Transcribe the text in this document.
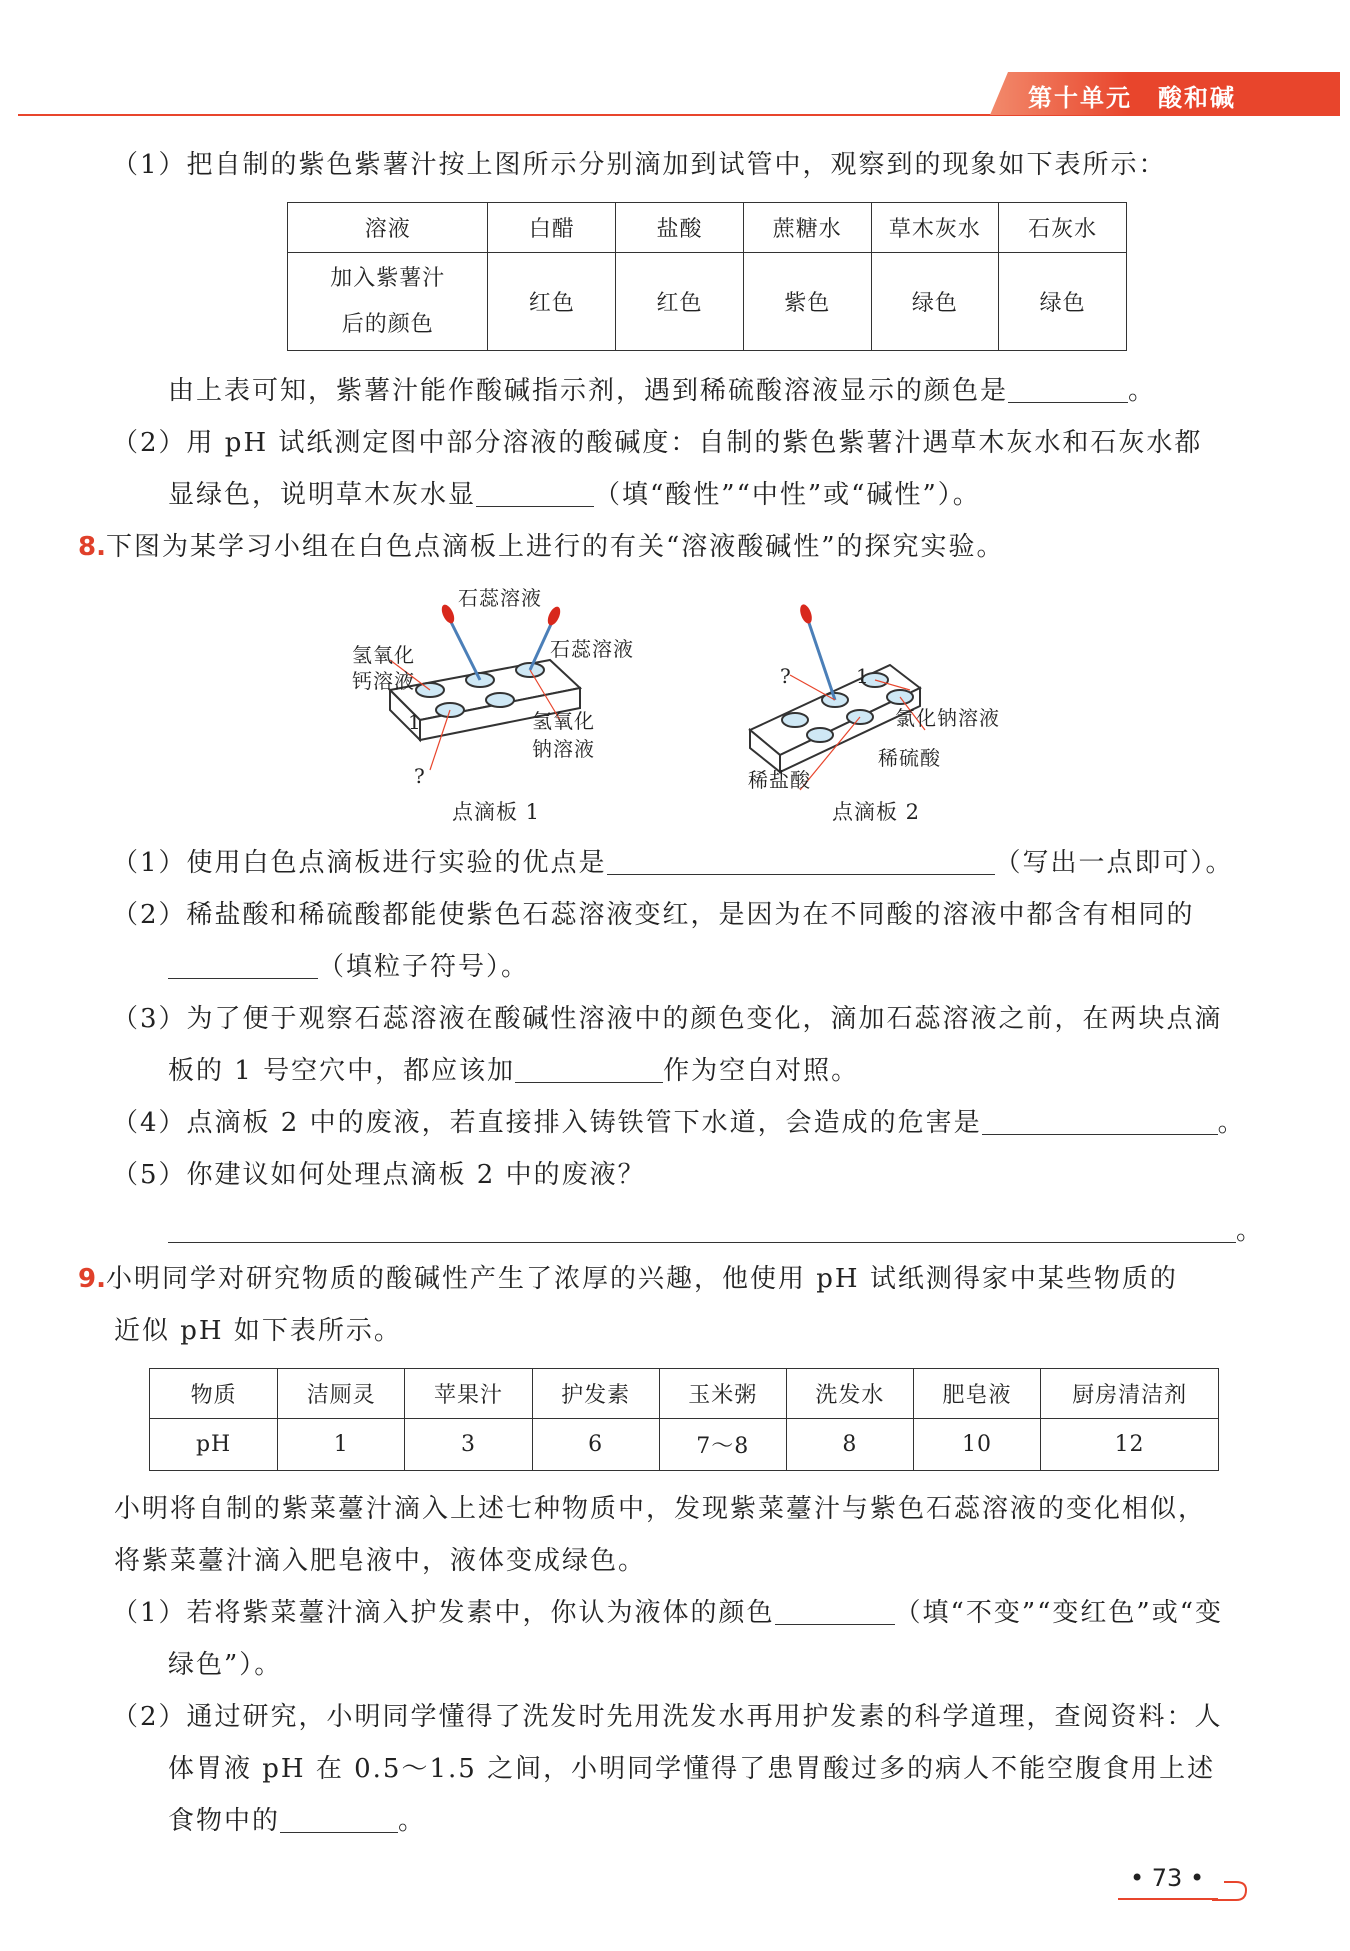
第十单元　酸和碱
（1）把自制的紫色紫薯汁按上图所示分别滴加到试管中，观察到的现象如下表所示：
溶液	白醋	盐酸	蔗糖水	草木灰水	石灰水

加入紫薯汁
后的颜色	红色	红色	紫色	绿色	绿色
由上表可知，紫薯汁能作酸碱指示剂，遇到稀硫酸溶液显示的颜色是	。
（2）用 pH 试纸测定图中部分溶液的酸碱度：自制的紫色紫薯汁遇草木灰水和石灰水都
显绿色，说明草木灰水显	（填“酸性”“中性”或“碱性”）。
8.下图为某学习小组在白色点滴板上进行的有关“溶液酸碱性”的探究实验。
石蕊溶液
石蕊溶液
氢氧化
钙溶液
氢氧化
钠溶液
1
?
点滴板 1
?	1
氯化钠溶液
稀硫酸
稀盐酸
点滴板 2
（1）使用白色点滴板进行实验的优点是	（写出一点即可）。
（2）稀盐酸和稀硫酸都能使紫色石蕊溶液变红，是因为在不同酸的溶液中都含有相同的
（填粒子符号）。
（3）为了便于观察石蕊溶液在酸碱性溶液中的颜色变化，滴加石蕊溶液之前，在两块点滴
板的 1 号空穴中，都应该加	作为空白对照。
（4）点滴板 2 中的废液，若直接排入铸铁管下水道，会造成的危害是	。
（5）你建议如何处理点滴板 2 中的废液？
。
9.小明同学对研究物质的酸碱性产生了浓厚的兴趣，他使用 pH 试纸测得家中某些物质的
近似 pH 如下表所示。
物质	洁厕灵	苹果汁	护发素	玉米粥	洗发水	肥皂液	厨房清洁剂
pH	1	3	6	7～8	8	10	12
小明将自制的紫菜薹汁滴入上述七种物质中，发现紫菜薹汁与紫色石蕊溶液的变化相似，
将紫菜薹汁滴入肥皂液中，液体变成绿色。
（1）若将紫菜薹汁滴入护发素中，你认为液体的颜色	（填“不变”“变红色”或“变
绿色”）。
（2）通过研究，小明同学懂得了洗发时先用洗发水再用护发素的科学道理，查阅资料：人
体胃液 pH 在 0.5～1.5 之间，小明同学懂得了患胃酸过多的病人不能空腹食用上述
食物中的	。
• 73 •
